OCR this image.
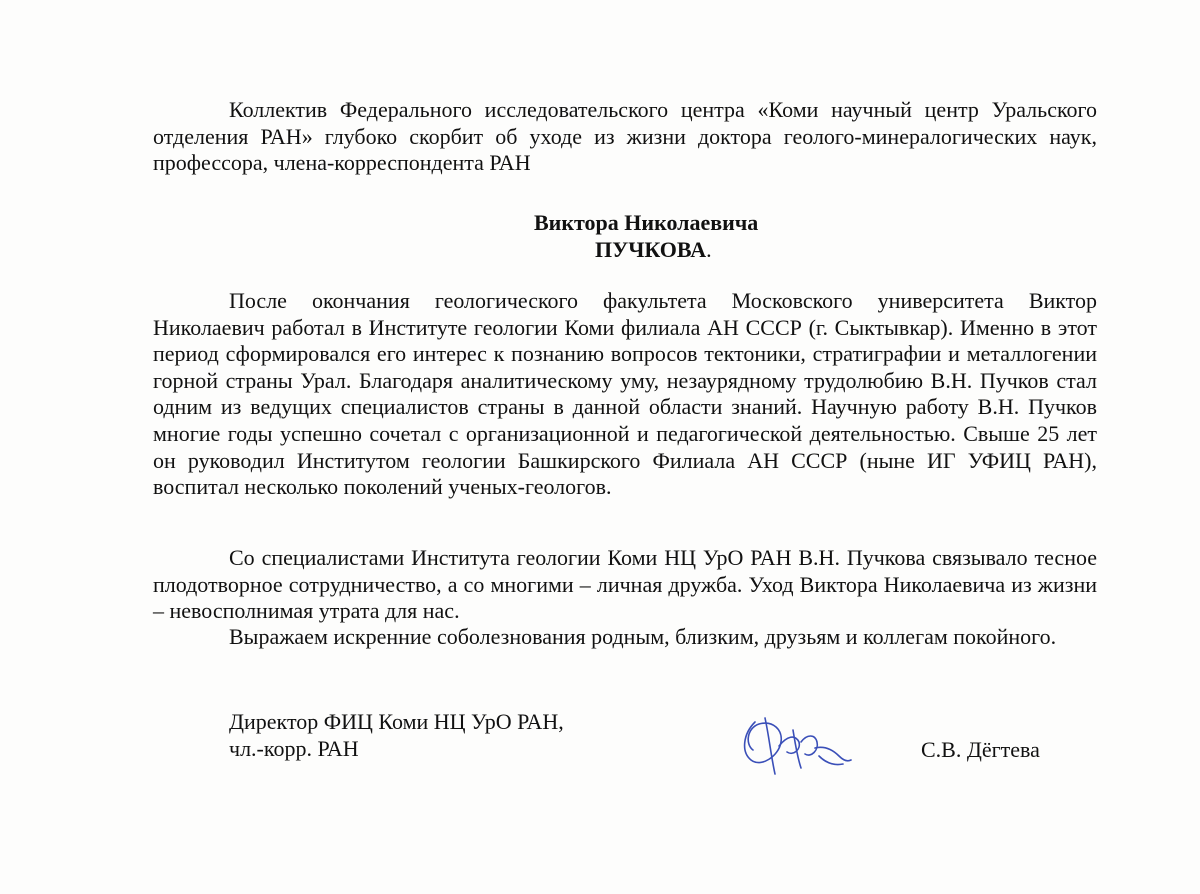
Коллектив Федерального исследовательского центра «Коми научный центр Уральского отделения РАН» глубоко скорбит об уходе из жизни доктора геолого-минералогических наук, профессора, члена-корреспондента РАН

Виктора Николаевича
ПУЧКОВА.

После окончания геологического факультета Московского университета Виктор Николаевич работал в Институте геологии Коми филиала АН СССР (г. Сыктывкар). Именно в этот период сформировался его интерес к познанию вопросов тектоники, стратиграфии и металлогении горной страны Урал. Благодаря аналитическому уму, незаурядному трудолюбию В.Н. Пучков стал одним из ведущих специалистов страны в данной области знаний. Научную работу В.Н. Пучков многие годы успешно сочетал с организационной и педагогической деятельностью. Свыше 25 лет он руководил Институтом геологии Башкирского Филиала АН СССР (ныне ИГ УФИЦ РАН), воспитал несколько поколений ученых-геологов.

Со специалистами Института геологии Коми НЦ УрО РАН В.Н. Пучкова связывало тесное плодотворное сотрудничество, а со многими – личная дружба. Уход Виктора Николаевича из жизни – невосполнимая утрата для нас.

Выражаем искренние соболезнования родным, близким, друзьям и коллегам покойного.

Директор ФИЦ Коми НЦ УрО РАН,
чл.-корр. РАН	С.В. Дёгтева
